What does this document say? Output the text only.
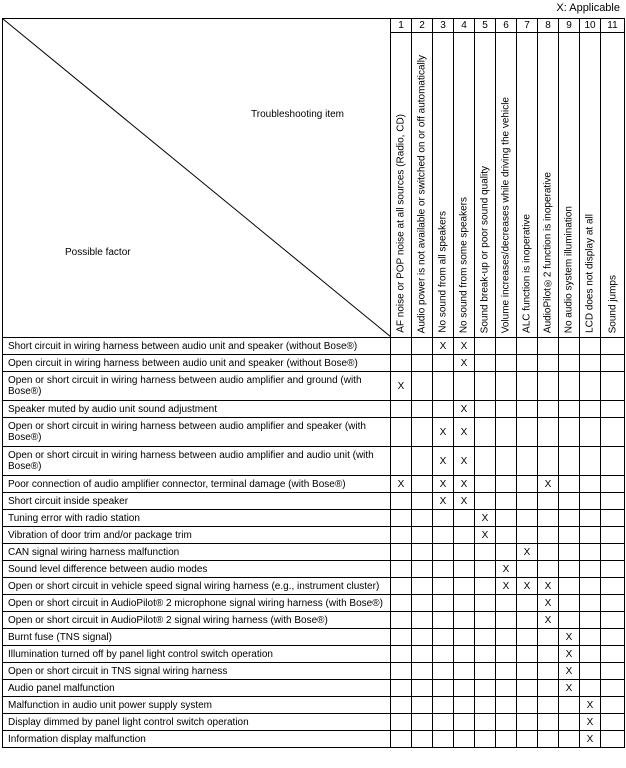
X: Applicable
Troubleshooting item
Possible factor	1	2	3	4	5	6	7	8	9	10	11

	AF noise or POP noise at all sources (Radio, CD)	Audio power is not available or switched on or off automatically	No sound from all speakers	No sound from some speakers	Sound break-up or poor sound quality	Volume increases/decreases while driving the vehicle	ALC function is inoperative	AudioPilot®2 function is inoperative	No audio system illumination	LCD does not display at all	Sound jumps

Short circuit in wiring harness between audio unit and speaker (without Bose®)			X	X							
Open circuit in wiring harness between audio unit and speaker (without Bose®)				X							
Open or short circuit in wiring harness between audio amplifier and ground (with Bose®)	X										
Speaker muted by audio unit sound adjustment				X							
Open or short circuit in wiring harness between audio amplifier and speaker (with Bose®)			X	X							
Open or short circuit in wiring harness between audio amplifier and audio unit (with Bose®)			X	X							
Poor connection of audio amplifier connector, terminal damage (with Bose®)	X		X	X				X			
Short circuit inside speaker			X	X							
Tuning error with radio station					X						
Vibration of door trim and/or package trim					X						
CAN signal wiring harness malfunction							X				
Sound level difference between audio modes						X					
Open or short circuit in vehicle speed signal wiring harness (e.g., instrument cluster)						X	X	X			
Open or short circuit in AudioPilot® 2 microphone signal wiring harness (with Bose®)								X			
Open or short circuit in AudioPilot® 2 signal wiring harness (with Bose®)								X			
Burnt fuse (TNS signal)									X		
Illumination turned off by panel light control switch operation									X		
Open or short circuit in TNS signal wiring harness									X		
Audio panel malfunction									X		
Malfunction in audio unit power supply system										X	
Display dimmed by panel light control switch operation										X	
Information display malfunction										X	
